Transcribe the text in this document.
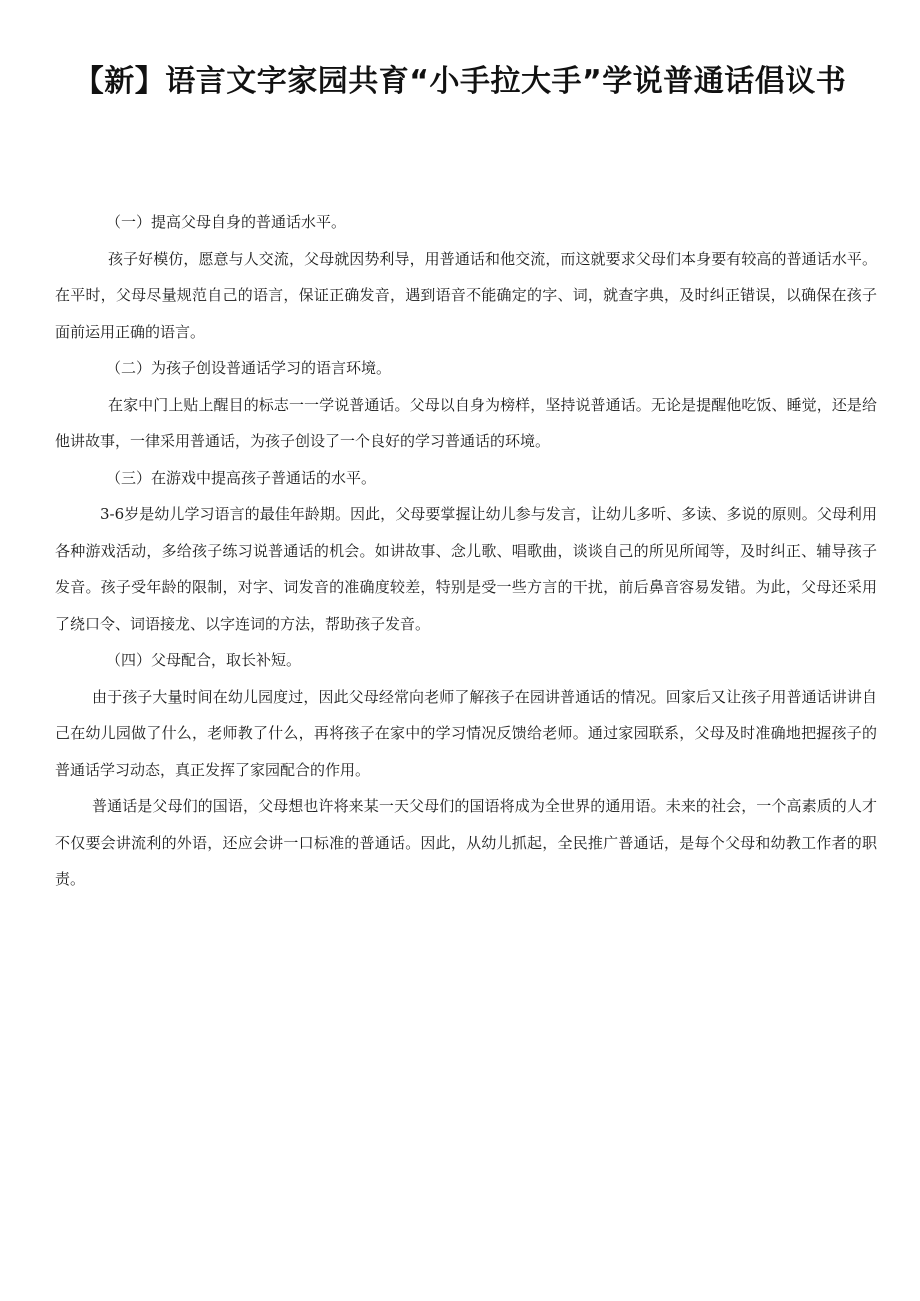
【新】语言文字家园共育“小手拉大手”学说普通话倡议书

（一）提高父母自身的普通话水平。

孩子好模仿，愿意与人交流，父母就因势利导，用普通话和他交流，而这就要求父母们本身要有较高的普通话水平。在平时，父母尽量规范自己的语言，保证正确发音，遇到语音不能确定的字、词，就查字典，及时纠正错误，以确保在孩子面前运用正确的语言。

（二）为孩子创设普通话学习的语言环境。

在家中门上贴上醒目的标志一一学说普通话。父母以自身为榜样，坚持说普通话。无论是提醒他吃饭、睡觉，还是给他讲故事，一律采用普通话，为孩子创设了一个良好的学习普通话的环境。

（三）在游戏中提高孩子普通话的水平。

3-6岁是幼儿学习语言的最佳年龄期。因此，父母要掌握让幼儿参与发言，让幼儿多听、多读、多说的原则。父母利用各种游戏活动，多给孩子练习说普通话的机会。如讲故事、念儿歌、唱歌曲，谈谈自己的所见所闻等，及时纠正、辅导孩子发音。孩子受年龄的限制，对字、词发音的准确度较差，特别是受一些方言的干扰，前后鼻音容易发错。为此，父母还采用了绕口令、词语接龙、以字连词的方法，帮助孩子发音。

（四）父母配合，取长补短。

由于孩子大量时间在幼儿园度过，因此父母经常向老师了解孩子在园讲普通话的情况。回家后又让孩子用普通话讲讲自己在幼儿园做了什么，老师教了什么，再将孩子在家中的学习情况反馈给老师。通过家园联系，父母及时准确地把握孩子的普通话学习动态，真正发挥了家园配合的作用。

普通话是父母们的国语，父母想也许将来某一天父母们的国语将成为全世界的通用语。未来的社会，一个高素质的人才不仅要会讲流利的外语，还应会讲一口标准的普通话。因此，从幼儿抓起，全民推广普通话，是每个父母和幼教工作者的职责。
